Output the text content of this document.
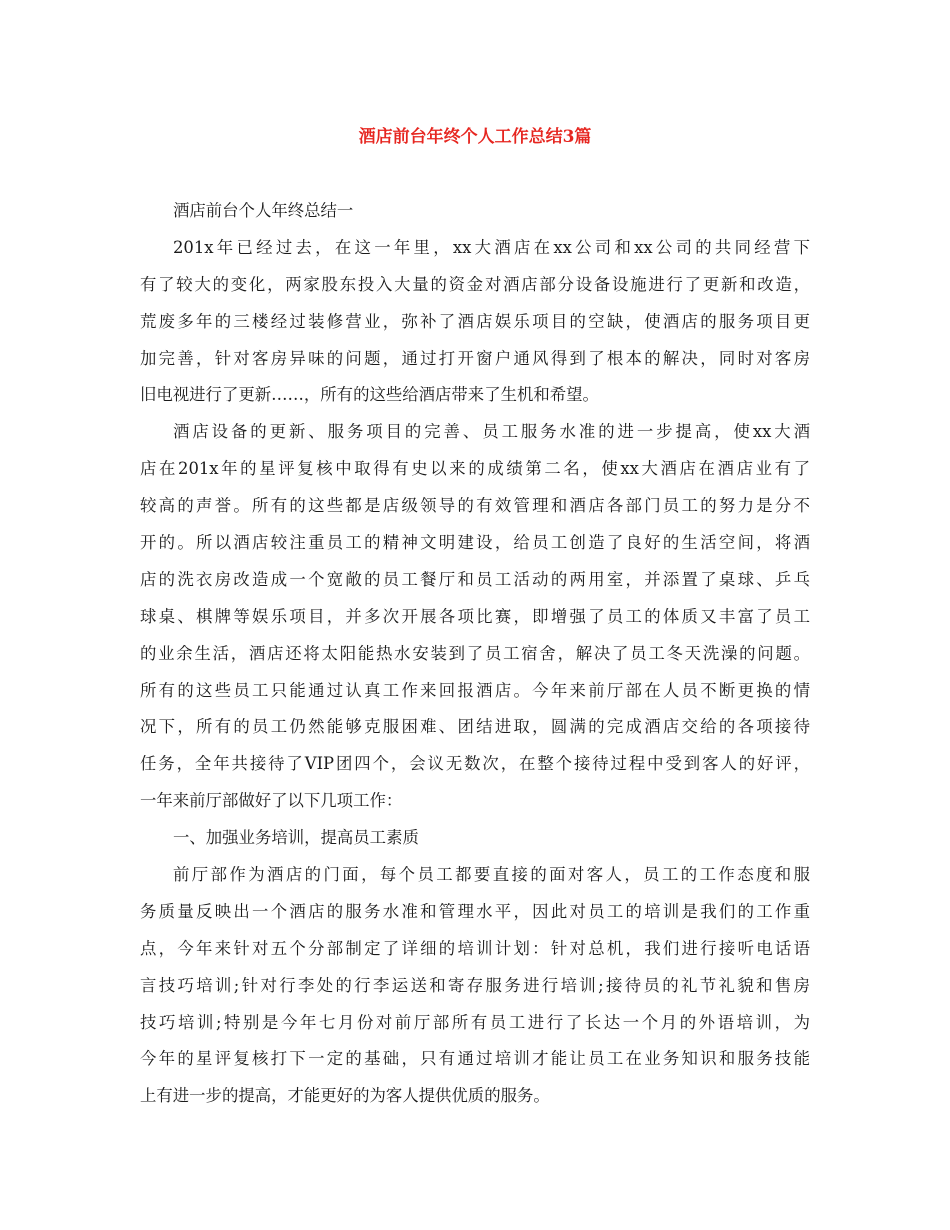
酒店前台年终个人工作总结3篇
酒店前台个人年终总结一
201x年已经过去，在这一年里，xx大酒店在xx公司和xx公司的共同经营下
有了较大的变化，两家股东投入大量的资金对酒店部分设备设施进行了更新和改造，
荒废多年的三楼经过装修营业，弥补了酒店娱乐项目的空缺，使酒店的服务项目更
加完善，针对客房异味的问题，通过打开窗户通风得到了根本的解决，同时对客房
旧电视进行了更新……，所有的这些给酒店带来了生机和希望。
酒店设备的更新、服务项目的完善、员工服务水准的进一步提高，使xx大酒
店在201x年的星评复核中取得有史以来的成绩第二名，使xx大酒店在酒店业有了
较高的声誉。所有的这些都是店级领导的有效管理和酒店各部门员工的努力是分不
开的。所以酒店较注重员工的精神文明建设，给员工创造了良好的生活空间，将酒
店的洗衣房改造成一个宽敞的员工餐厅和员工活动的两用室，并添置了桌球、乒乓
球桌、棋牌等娱乐项目，并多次开展各项比赛，即增强了员工的体质又丰富了员工
的业余生活，酒店还将太阳能热水安装到了员工宿舍，解决了员工冬天洗澡的问题。
所有的这些员工只能通过认真工作来回报酒店。今年来前厅部在人员不断更换的情
况下，所有的员工仍然能够克服困难、团结进取，圆满的完成酒店交给的各项接待
任务，全年共接待了VIP团四个，会议无数次，在整个接待过程中受到客人的好评，
一年来前厅部做好了以下几项工作：
一、加强业务培训，提高员工素质
前厅部作为酒店的门面，每个员工都要直接的面对客人，员工的工作态度和服
务质量反映出一个酒店的服务水准和管理水平，因此对员工的培训是我们的工作重
点，今年来针对五个分部制定了详细的培训计划：针对总机，我们进行接听电话语
言技巧培训;针对行李处的行李运送和寄存服务进行培训;接待员的礼节礼貌和售房
技巧培训;特别是今年七月份对前厅部所有员工进行了长达一个月的外语培训，为
今年的星评复核打下一定的基础，只有通过培训才能让员工在业务知识和服务技能
上有进一步的提高，才能更好的为客人提供优质的服务。
